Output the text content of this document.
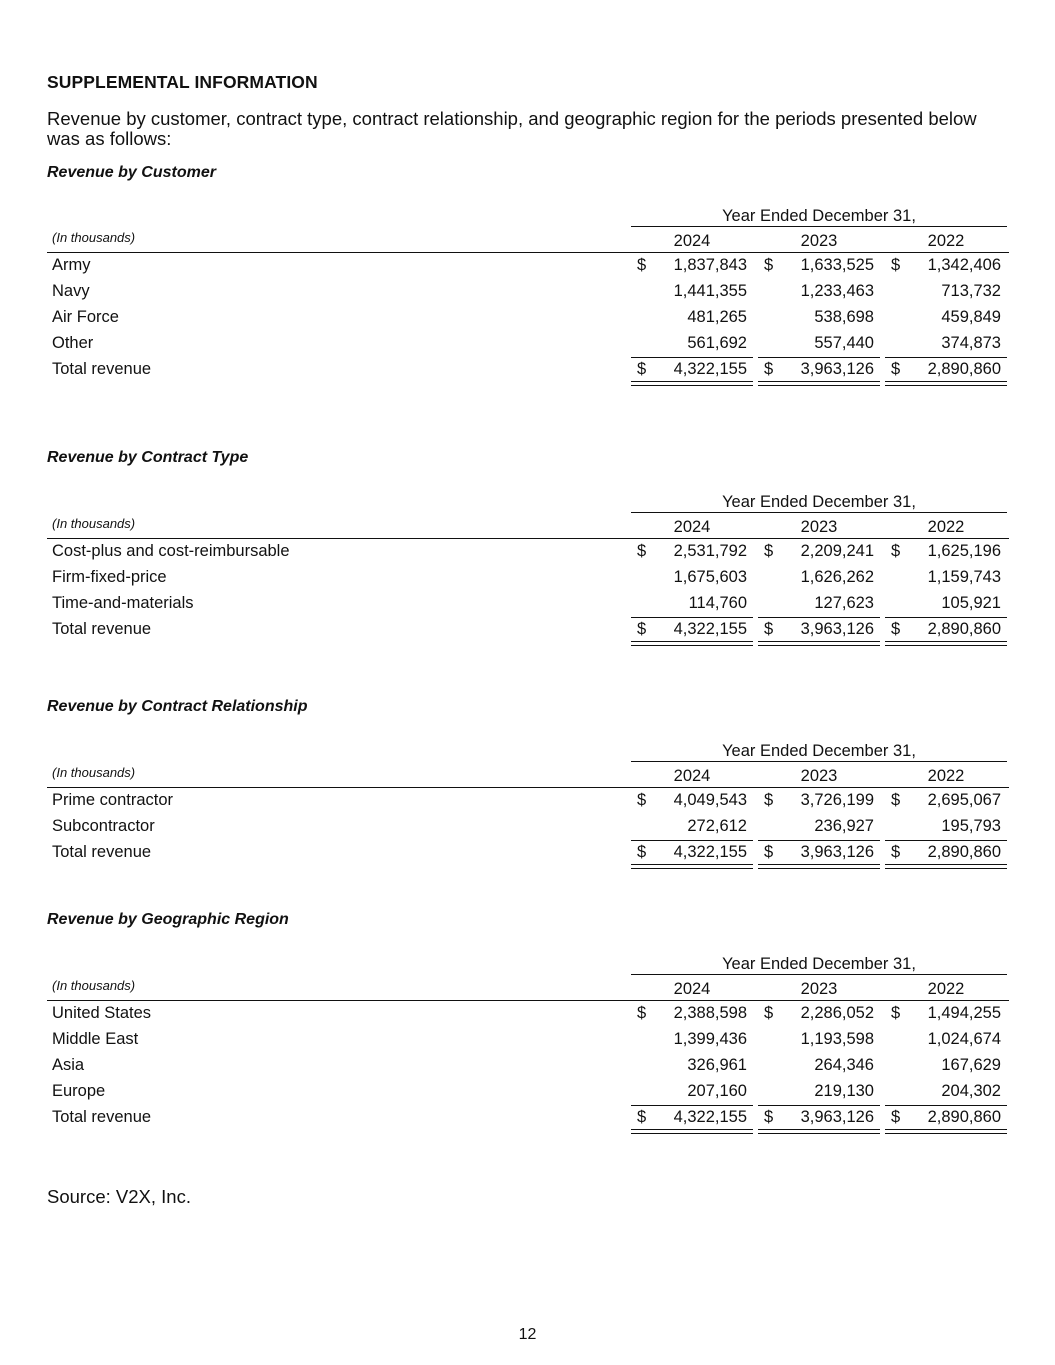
SUPPLEMENTAL INFORMATION
Revenue by customer, contract type, contract relationship, and geographic region for the periods presented below was as follows:
Revenue by Customer
Year Ended December 31,
(In thousands)	2024	2023	2022
Army	$	1,837,843 $	1,633,525 $	1,342,406
Navy	1,441,355	1,233,463	713,732
Air Force	481,265	538,698	459,849
Other	561,692	557,440	374,873
Total revenue	$	4,322,155 $	3,963,126 $	2,890,860
Revenue by Contract Type
Year Ended December 31,
(In thousands)	2024	2023	2022
Cost-plus and cost-reimbursable	$	2,531,792 $	2,209,241 $	1,625,196
Firm-fixed-price	1,675,603	1,626,262	1,159,743
Time-and-materials	114,760	127,623	105,921
Total revenue	$	4,322,155 $	3,963,126 $	2,890,860
Revenue by Contract Relationship
Year Ended December 31,
(In thousands)	2024	2023	2022
Prime contractor	$	4,049,543 $	3,726,199 $	2,695,067
Subcontractor	272,612	236,927	195,793
Total revenue	$	4,322,155 $	3,963,126 $	2,890,860
Revenue by Geographic Region
Year Ended December 31,
(In thousands)	2024	2023	2022
United States	$	2,388,598 $	2,286,052 $	1,494,255
Middle East	1,399,436	1,193,598	1,024,674
Asia	326,961	264,346	167,629
Europe	207,160	219,130	204,302
Total revenue	$	4,322,155 $	3,963,126 $	2,890,860
Source: V2X, Inc.
12
